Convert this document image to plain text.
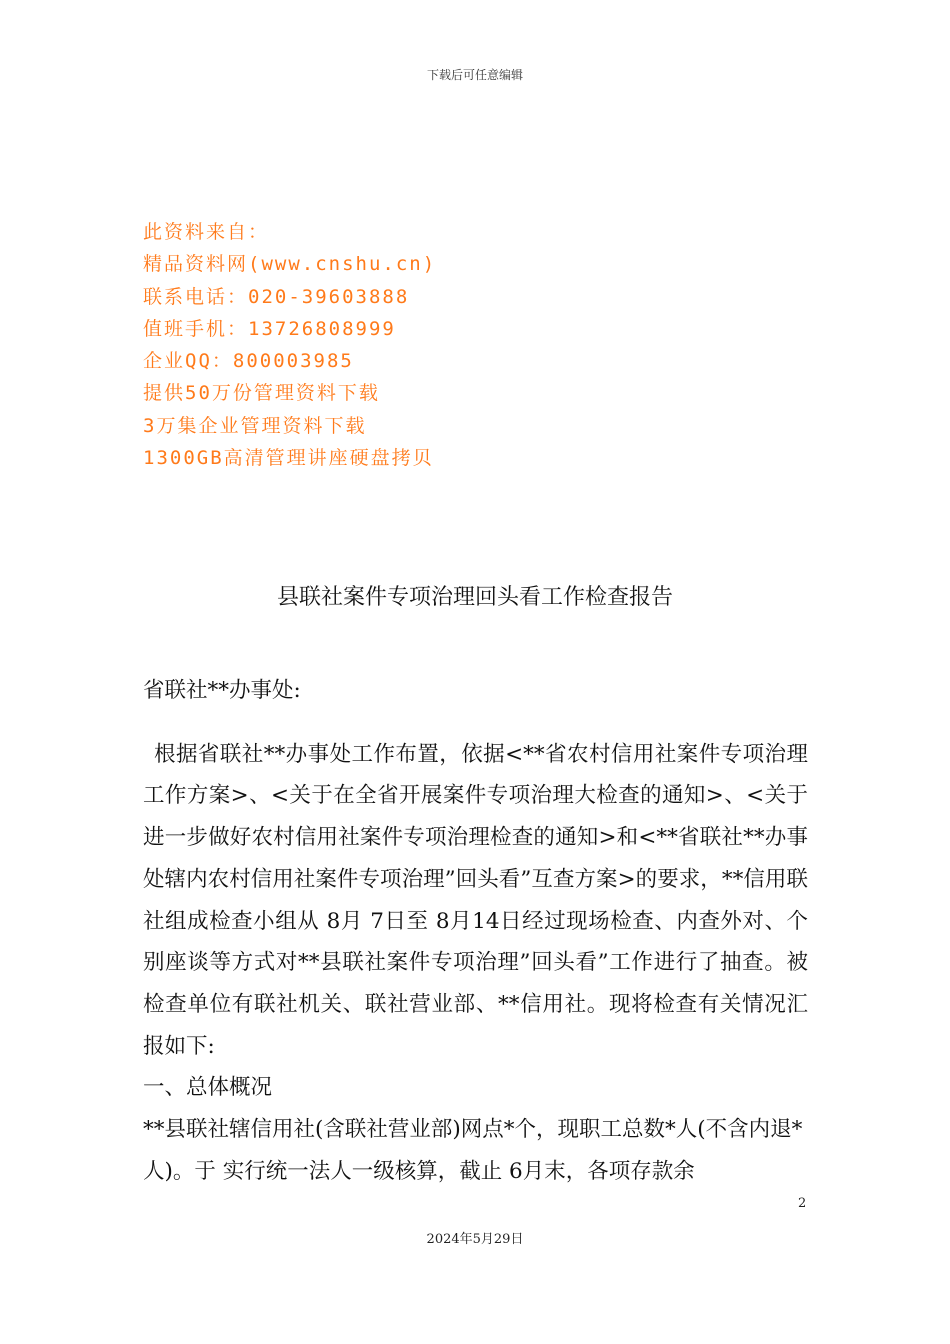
下载后可任意编辑
此资料来自：
精品资料网(www.cnshu.cn)
联系电话：020-39603888
值班手机：13726808999
企业QQ：800003985
提供50万份管理资料下载
3万集企业管理资料下载
1300GB高清管理讲座硬盘拷贝
县联社案件专项治理回头看工作检查报告

省联社**办事处:

根据省联社**办事处工作布置，依据<**省农村信用社案件专项治理工作方案>、<关于在全省开展案件专项治理大检查的通知>、<关于进一步做好农村信用社案件专项治理检查的通知>和<**省联社**办事处辖内农村信用社案件专项治理”回头看”互查方案>的要求，**信用联社组成检查小组从 8月 7日至 8月14日经过现场检查、内查外对、个别座谈等方式对**县联社案件专项治理”回头看”工作进行了抽查。被检查单位有联社机关、联社营业部、**信用社。现将检查有关情况汇报如下:

一、总体概况

**县联社辖信用社(含联社营业部)网点*个，现职工总数*人(不含内退*人)。于 实行统一法人一级核算，截止 6月末，各项存款余

2
2024年5月29日
